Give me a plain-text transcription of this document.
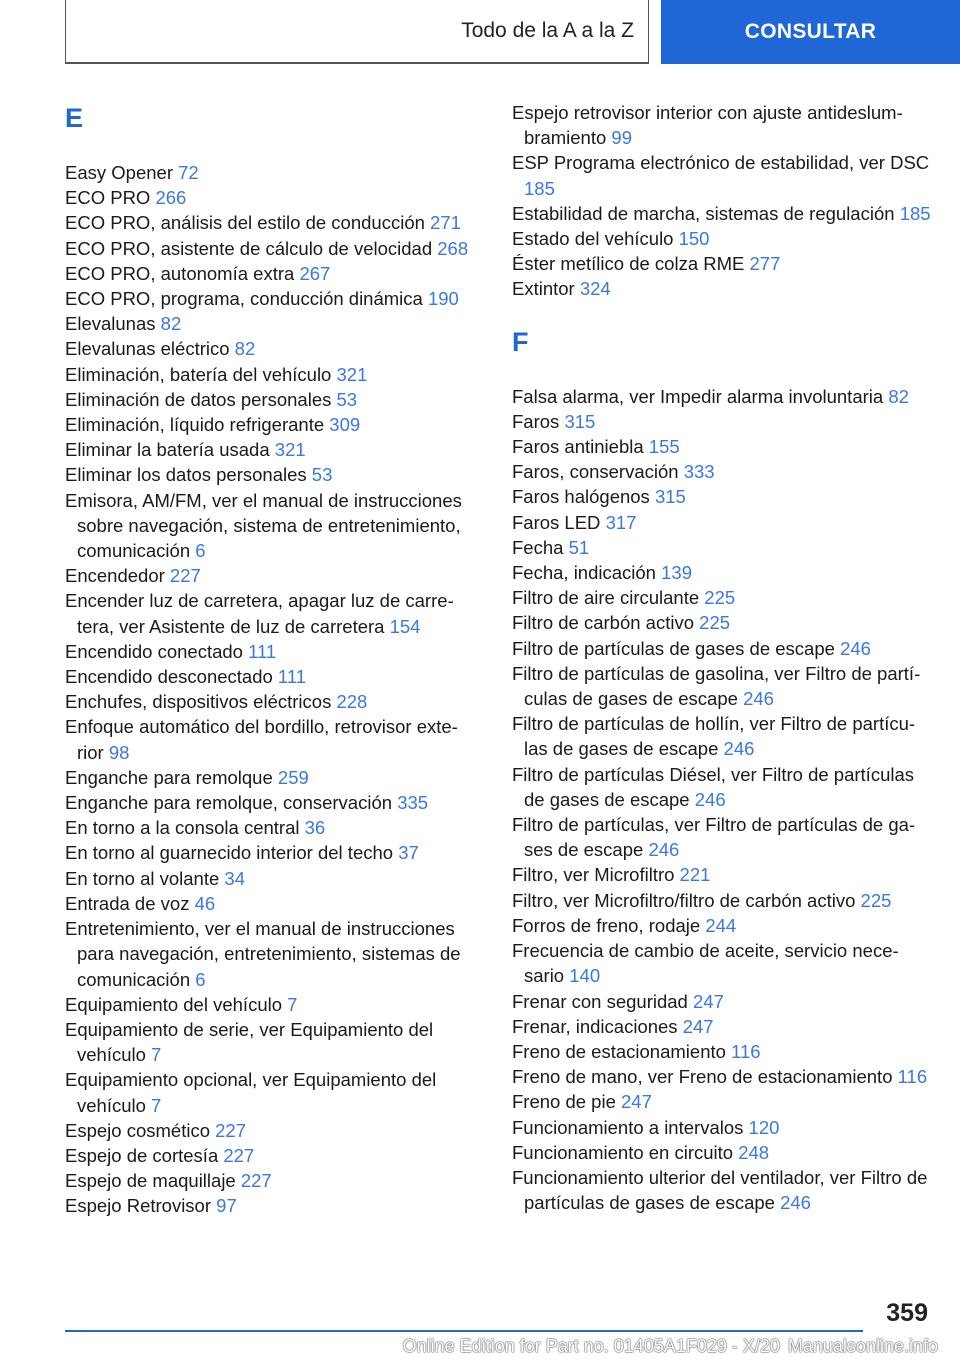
Todo de la A a la Z	CONSULTAR
E
Easy Opener 72
ECO PRO 266
ECO PRO, análisis del estilo de conducción 271
ECO PRO, asistente de cálculo de velocidad 268
ECO PRO, autonomía extra 267
ECO PRO, programa, conducción dinámica 190
Elevalunas 82
Elevalunas eléctrico 82
Eliminación, batería del vehículo 321
Eliminación de datos personales 53
Eliminación, líquido refrigerante 309
Eliminar la batería usada 321
Eliminar los datos personales 53
Emisora, AM/FM, ver el manual de instrucciones sobre navegación, sistema de entretenimiento, comunicación 6
Encendedor 227
Encender luz de carretera, apagar luz de carretera, ver Asistente de luz de carretera 154
Encendido conectado 111
Encendido desconectado 111
Enchufes, dispositivos eléctricos 228
Enfoque automático del bordillo, retrovisor exterior 98
Enganche para remolque 259
Enganche para remolque, conservación 335
En torno a la consola central 36
En torno al guarnecido interior del techo 37
En torno al volante 34
Entrada de voz 46
Entretenimiento, ver el manual de instrucciones para navegación, entretenimiento, sistemas de comunicación 6
Equipamiento del vehículo 7
Equipamiento de serie, ver Equipamiento del vehículo 7
Equipamiento opcional, ver Equipamiento del vehículo 7
Espejo cosmético 227
Espejo de cortesía 227
Espejo de maquillaje 227
Espejo Retrovisor 97
Espejo retrovisor interior con ajuste antideslumbramiento 99
ESP Programa electrónico de estabilidad, ver DSC 185
Estabilidad de marcha, sistemas de regulación 185
Estado del vehículo 150
Éster metílico de colza RME 277
Extintor 324
F
Falsa alarma, ver Impedir alarma involuntaria 82
Faros 315
Faros antiniebla 155
Faros, conservación 333
Faros halógenos 315
Faros LED 317
Fecha 51
Fecha, indicación 139
Filtro de aire circulante 225
Filtro de carbón activo 225
Filtro de partículas de gases de escape 246
Filtro de partículas de gasolina, ver Filtro de partículas de gases de escape 246
Filtro de partículas de hollín, ver Filtro de partículas de gases de escape 246
Filtro de partículas Diésel, ver Filtro de partículas de gases de escape 246
Filtro de partículas, ver Filtro de partículas de gases de escape 246
Filtro, ver Microfiltro 221
Filtro, ver Microfiltro/filtro de carbón activo 225
Forros de freno, rodaje 244
Frecuencia de cambio de aceite, servicio necesario 140
Frenar con seguridad 247
Frenar, indicaciones 247
Freno de estacionamiento 116
Freno de mano, ver Freno de estacionamiento 116
Freno de pie 247
Funcionamiento a intervalos 120
Funcionamiento en circuito 248
Funcionamiento ulterior del ventilador, ver Filtro de partículas de gases de escape 246
359
Online Edition for Part no. 01405A1F029 - X/20 Manualsonline.info
